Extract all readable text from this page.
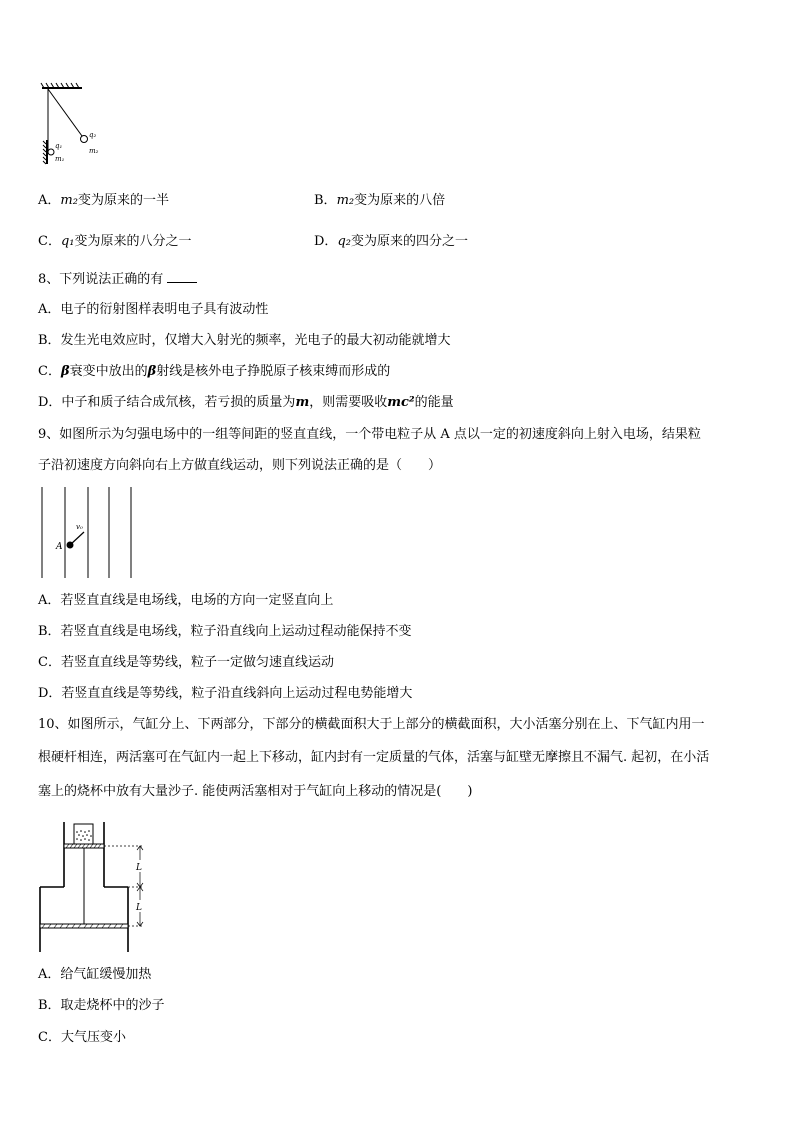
q₁
m₁
q₂
m₂
A．m₂变为原来的一半	B．m₂变为原来的八倍
C．q₁变为原来的八分之一	D．q₂变为原来的四分之一
8、下列说法正确的有
A．电子的衍射图样表明电子具有波动性
B．发生光电效应时，仅增大入射光的频率，光电子的最大初动能就增大
C．β衰变中放出的β射线是核外电子挣脱原子核束缚而形成的
D．中子和质子结合成氘核，若亏损的质量为m，则需要吸收mc²的能量
9、如图所示为匀强电场中的一组等间距的竖直直线，一个带电粒子从 A 点以一定的初速度斜向上射入电场，结果粒
子沿初速度方向斜向右上方做直线运动，则下列说法正确的是（　　）
A
v₀
A．若竖直直线是电场线，电场的方向一定竖直向上
B．若竖直直线是电场线，粒子沿直线向上运动过程动能保持不变
C．若竖直直线是等势线，粒子一定做匀速直线运动
D．若竖直直线是等势线，粒子沿直线斜向上运动过程电势能增大
10、如图所示，气缸分上、下两部分，下部分的横截面积大于上部分的横截面积，大小活塞分别在上、下气缸内用一
根硬杆相连，两活塞可在气缸内一起上下移动，缸内封有一定质量的气体，活塞与缸壁无摩擦且不漏气. 起初，在小活
塞上的烧杯中放有大量沙子. 能使两活塞相对于气缸向上移动的情况是(　　)
L
L
A．给气缸缓慢加热
B．取走烧杯中的沙子
C．大气压变小
